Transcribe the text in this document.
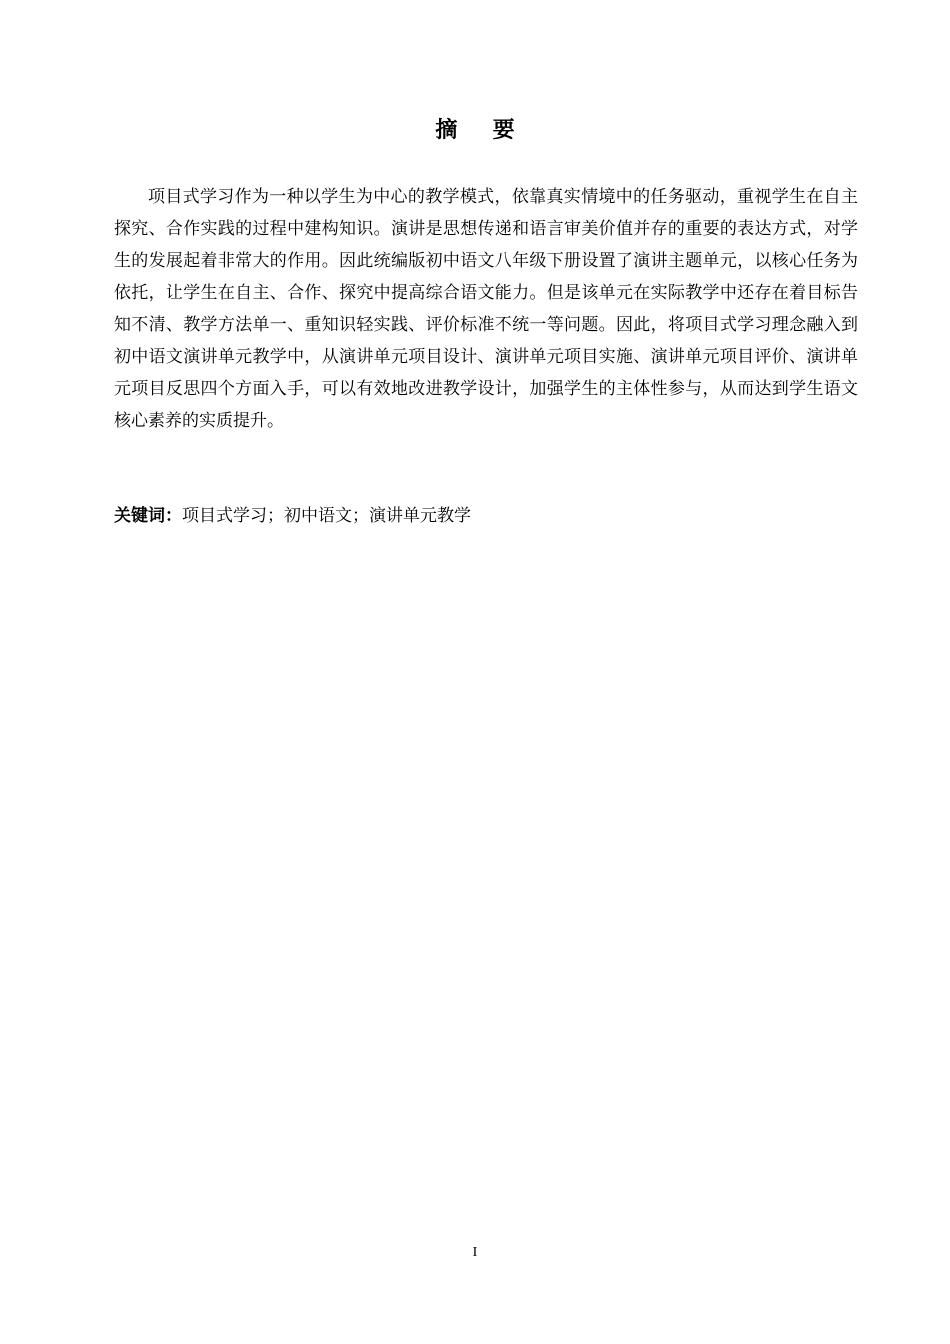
摘要

项目式学习作为一种以学生为中心的教学模式，依靠真实情境中的任务驱动，重视学生在自主探究、合作实践的过程中建构知识。演讲是思想传递和语言审美价值并存的重要的表达方式，对学生的发展起着非常大的作用。因此统编版初中语文八年级下册设置了演讲主题单元，以核心任务为依托，让学生在自主、合作、探究中提高综合语文能力。但是该单元在实际教学中还存在着目标告知不清、教学方法单一、重知识轻实践、评价标准不统一等问题。因此，将项目式学习理念融入到初中语文演讲单元教学中，从演讲单元项目设计、演讲单元项目实施、演讲单元项目评价、演讲单元项目反思四个方面入手，可以有效地改进教学设计，加强学生的主体性参与，从而达到学生语文核心素养的实质提升。

关键词：项目式学习；初中语文；演讲单元教学

I
